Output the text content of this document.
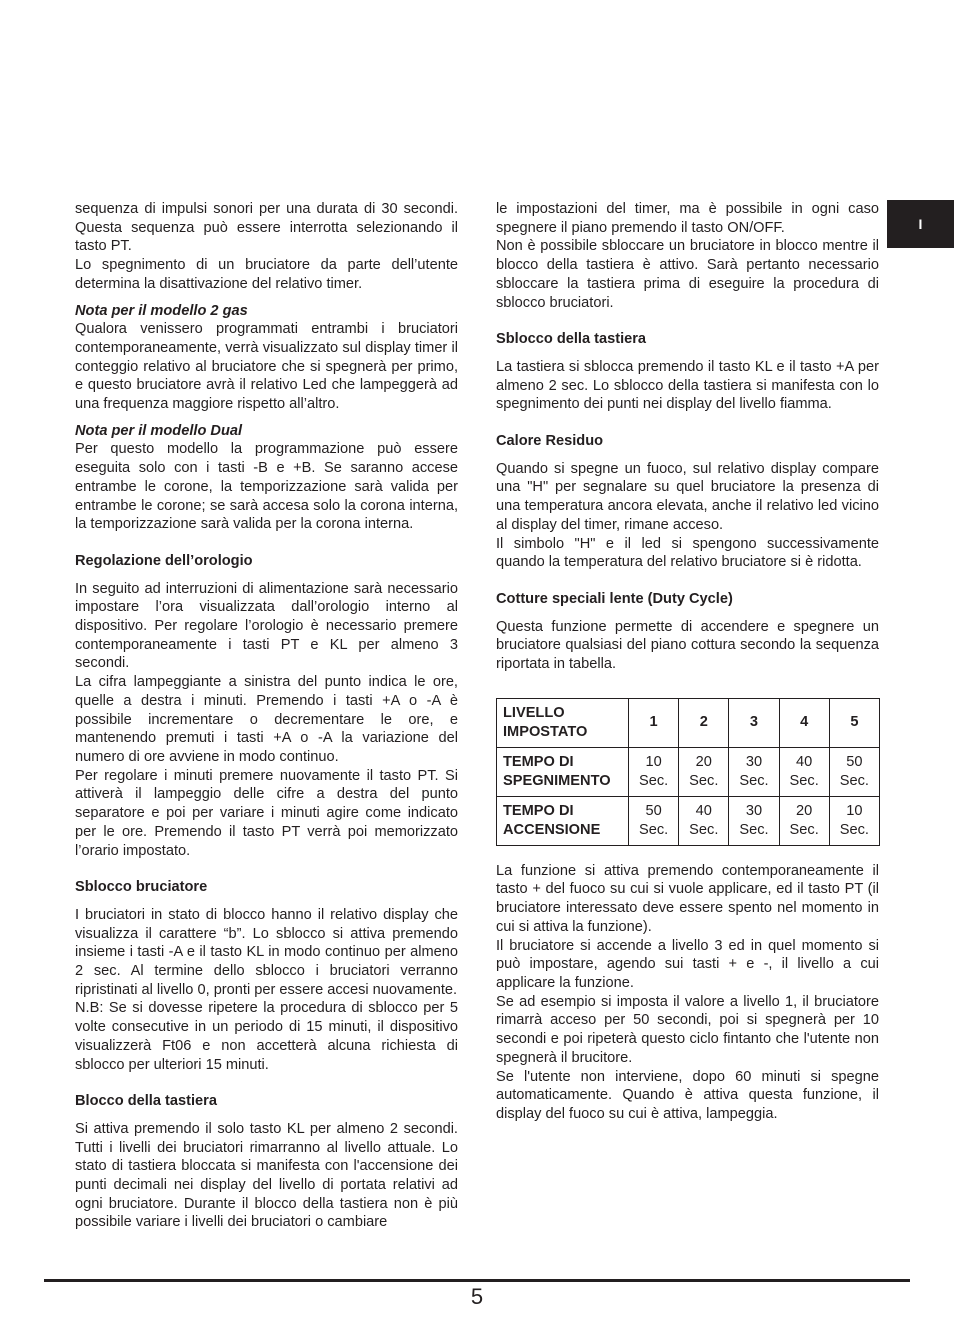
sequenza di impulsi sonori per una durata di 30 secondi. Questa sequenza può essere interrotta selezionando il tasto PT.

Lo spegnimento di un bruciatore da parte dell’utente determina la disattivazione del relativo timer.

Nota per il modello 2 gas

Qualora venissero programmati entrambi i bruciatori contemporaneamente, verrà visualizzato sul display timer il conteggio relativo al bruciatore che si spegnerà per primo, e questo bruciatore avrà il relativo Led che lampeggerà ad una frequenza maggiore rispetto all’altro.

Nota per il modello Dual

Per questo modello la programmazione può essere eseguita solo con i tasti -B e +B. Se saranno accese entrambe le corone, la temporizzazione sarà valida per entrambe le corone; se sarà accesa solo la corona interna, la temporizzazione sarà valida per la corona interna.

Regolazione dell’orologio

In seguito ad interruzioni di alimentazione sarà necessario impostare l’ora visualizzata dall’orologio interno al dispositivo. Per regolare l’orologio è necessario premere contemporaneamente i tasti PT e KL per almeno 3 secondi.

La cifra lampeggiante a sinistra del punto indica le ore, quelle a destra i minuti. Premendo i tasti +A o -A è possibile incrementare o decrementare le ore, e mantenendo premuti i tasti +A o -A la variazione del numero di ore avviene in modo continuo.

Per regolare i minuti premere nuovamente il tasto PT. Si attiverà il lampeggio delle cifre a destra del punto separatore e poi per variare i minuti agire come indicato per le ore. Premendo il tasto PT verrà poi memorizzato l’orario impostato.

Sblocco bruciatore

I bruciatori in stato di blocco hanno il relativo display che visualizza il carattere “b”. Lo sblocco si attiva premendo insieme i tasti -A e il tasto KL in modo continuo per almeno 2 sec. Al termine dello sblocco i bruciatori verranno ripristinati al livello 0, pronti per essere accesi nuovamente.

N.B: Se si dovesse ripetere la procedura di sblocco per 5 volte consecutive in un periodo di 15 minuti, il dispositivo visualizzerà Ft06 e non accetterà alcuna richiesta di sblocco per ulteriori 15 minuti.

Blocco della tastiera

Si attiva premendo il solo tasto KL per almeno 2 secondi. Tutti i livelli dei bruciatori rimarranno al livello attuale. Lo stato di tastiera bloccata si manifesta con l'accensione dei punti decimali nei display del livello di portata relativi ad ogni bruciatore. Durante il blocco della tastiera non è più possibile variare i livelli dei bruciatori o cambiare

le impostazioni del timer, ma è possibile in ogni caso spegnere il piano premendo il tasto ON/OFF.

Non è possibile sbloccare un bruciatore in blocco mentre il blocco della tastiera è attivo. Sarà pertanto necessario sbloccare la tastiera prima di eseguire la procedura di sblocco bruciatori.

Sblocco della tastiera

La tastiera si sblocca premendo il tasto KL e il tasto +A per almeno 2 sec. Lo sblocco della tastiera si manifesta con lo spegnimento dei punti nei display del livello fiamma.

Calore Residuo

Quando si spegne un fuoco, sul relativo display compare una "H" per segnalare su quel bruciatore la presenza di una temperatura ancora elevata, anche il relativo led vicino al display del timer, rimane acceso.

Il simbolo "H" e il led si spengono successivamente quando la temperatura del relativo bruciatore si è ridotta.

Cotture speciali lente (Duty Cycle)

Questa funzione permette di accendere e spegnere un bruciatore qualsiasi del piano cottura secondo la sequenza riportata in tabella.

LIVELLO IMPOSTATO	1	2	3	4	5
TEMPO DI SPEGNIMENTO	10 Sec.	20 Sec.	30 Sec.	40 Sec.	50 Sec.
TEMPO DI ACCENSIONE	50 Sec.	40 Sec.	30 Sec.	20 Sec.	10 Sec.

La funzione si attiva premendo contemporaneamente il tasto + del fuoco su cui si vuole applicare, ed il tasto PT (il bruciatore interessato deve essere spento nel momento in cui si attiva la funzione).

Il bruciatore si accende a livello 3 ed in quel momento si può impostare, agendo sui tasti + e -, il livello a cui applicare la funzione.

Se ad esempio si imposta il valore a livello 1, il bruciatore rimarrà acceso per 50 secondi, poi si spegnerà per 10 secondi e poi ripeterà questo ciclo fintanto che l'utente non spegnerà il brucitore.

Se l'utente non interviene, dopo 60 minuti si spegne automaticamente. Quando è attiva questa funzione, il display del fuoco su cui è attiva, lampeggia.

I
5
